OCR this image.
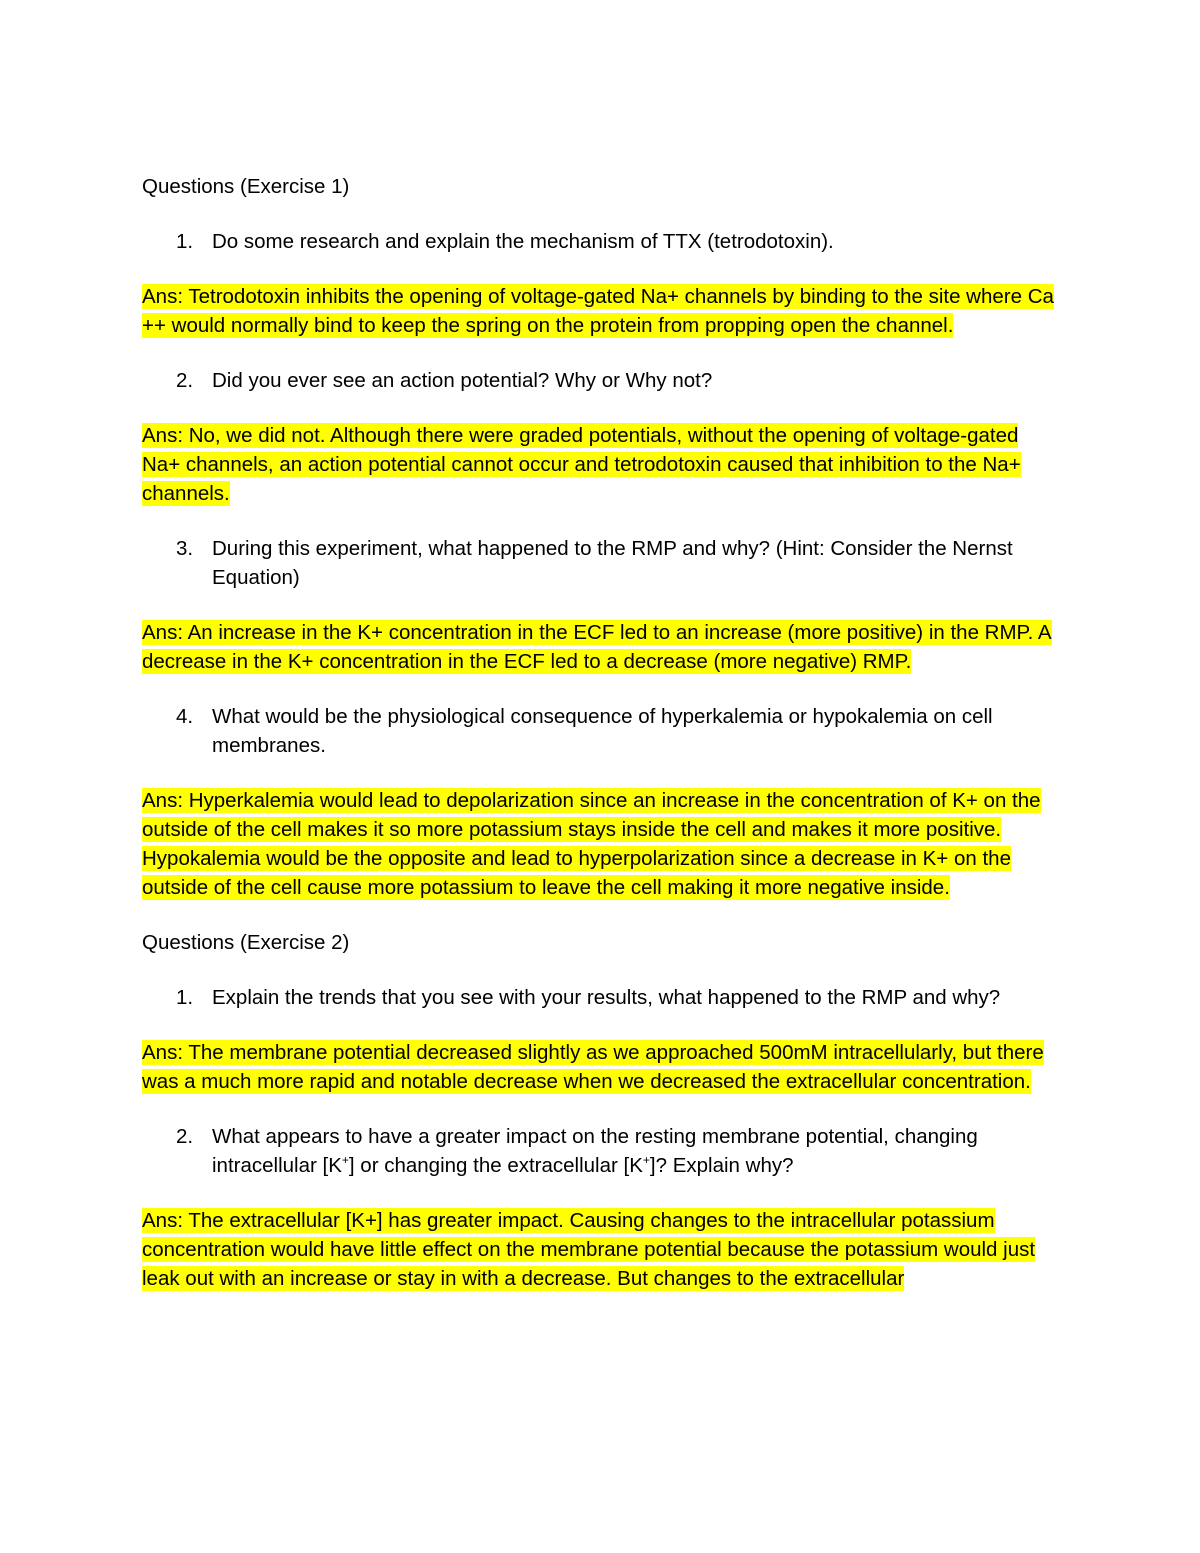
Questions (Exercise 1)

1. Do some research and explain the mechanism of TTX (tetrodotoxin).

Ans: Tetrodotoxin inhibits the opening of voltage-gated Na+ channels by binding to the site where Ca ++ would normally bind to keep the spring on the protein from propping open the channel.

2. Did you ever see an action potential? Why or Why not?

Ans: No, we did not. Although there were graded potentials, without the opening of voltage-gated Na+ channels, an action potential cannot occur and tetrodotoxin caused that inhibition to the Na+ channels.

3. During this experiment, what happened to the RMP and why? (Hint: Consider the Nernst Equation)

Ans: An increase in the K+ concentration in the ECF led to an increase (more positive) in the RMP. A decrease in the K+ concentration in the ECF led to a decrease (more negative) RMP.

4. What would be the physiological consequence of hyperkalemia or hypokalemia on cell membranes.

Ans: Hyperkalemia would lead to depolarization since an increase in the concentration of K+ on the outside of the cell makes it so more potassium stays inside the cell and makes it more positive. Hypokalemia would be the opposite and lead to hyperpolarization since a decrease in K+ on the outside of the cell cause more potassium to leave the cell making it more negative inside.

Questions (Exercise 2)

1. Explain the trends that you see with your results, what happened to the RMP and why?

Ans: The membrane potential decreased slightly as we approached 500mM intracellularly, but there was a much more rapid and notable decrease when we decreased the extracellular concentration.

2. What appears to have a greater impact on the resting membrane potential, changing intracellular [K+] or changing the extracellular [K+]? Explain why?

Ans: The extracellular [K+] has greater impact. Causing changes to the intracellular potassium concentration would have little effect on the membrane potential because the potassium would just leak out with an increase or stay in with a decrease. But changes to the extracellular
